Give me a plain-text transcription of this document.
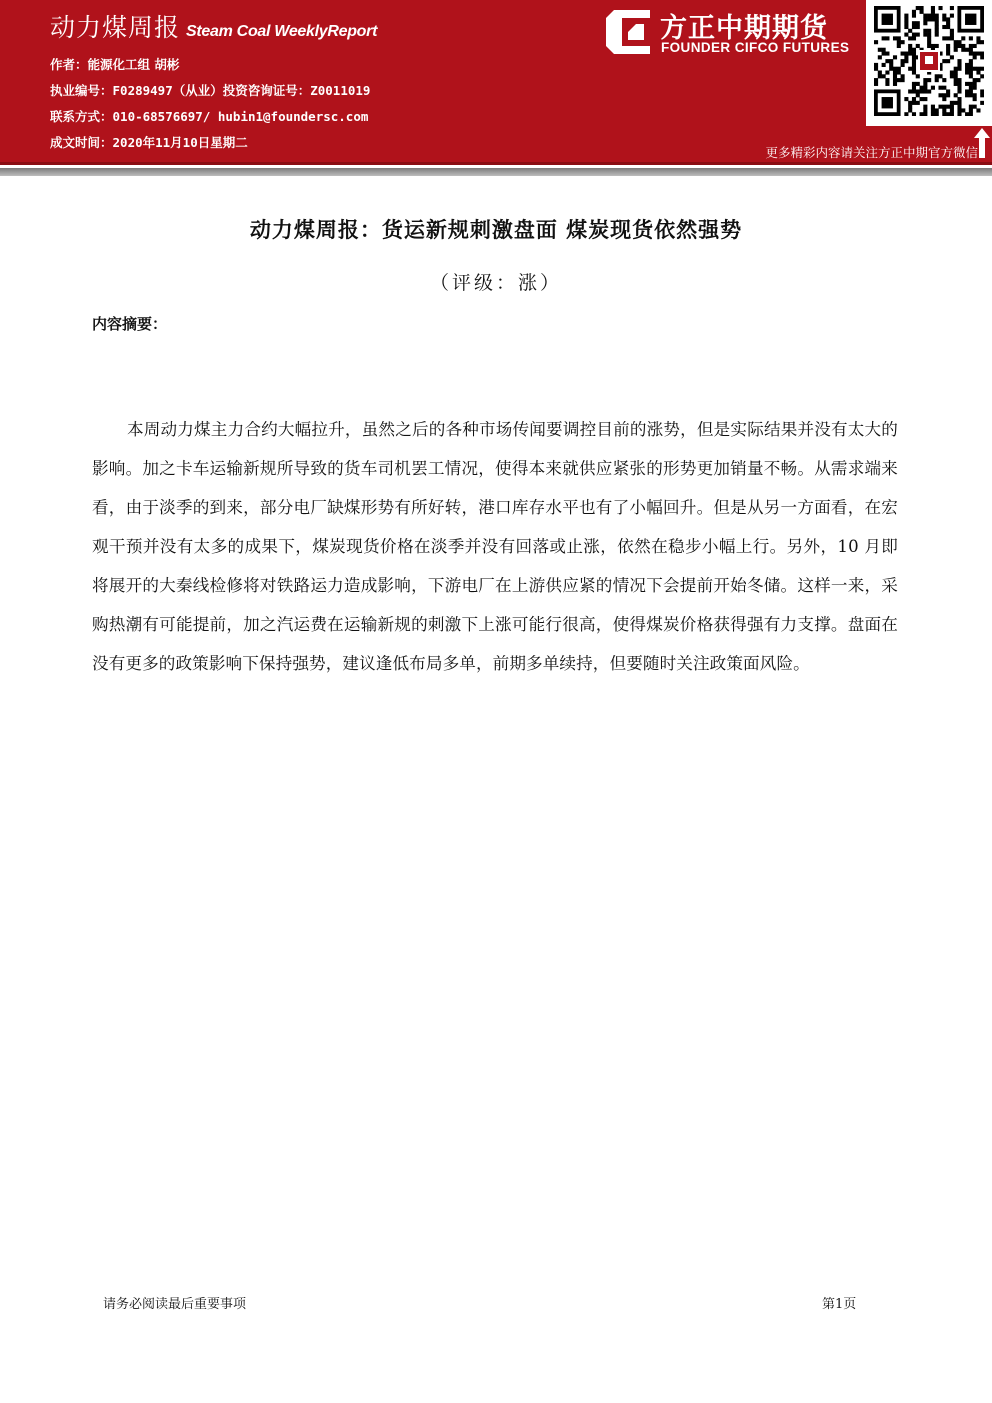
动力煤周报 Steam Coal WeeklyReport
作者：能源化工组 胡彬
执业编号：F0289497（从业）投资咨询证号：Z0011019
联系方式：010-68576697/ hubin1@foundersc.com
成文时间：2020年11月10日星期二
方正中期期货
FOUNDER CIFCO FUTURES
更多精彩内容请关注方正中期官方微信
动力煤周报：货运新规刺激盘面 煤炭现货依然强势
（评级：涨）
内容摘要：

本周动力煤主力合约大幅拉升，虽然之后的各种市场传闻要调控目前的涨势，但是实际结果并没有太大的影响。加之卡车运输新规所导致的货车司机罢工情况，使得本来就供应紧张的形势更加销量不畅。从需求端来看，由于淡季的到来，部分电厂缺煤形势有所好转，港口库存水平也有了小幅回升。但是从另一方面看，在宏观干预并没有太多的成果下，煤炭现货价格在淡季并没有回落或止涨，依然在稳步小幅上行。另外，10 月即将展开的大秦线检修将对铁路运力造成影响，下游电厂在上游供应紧的情况下会提前开始冬储。这样一来，采购热潮有可能提前，加之汽运费在运输新规的刺激下上涨可能行很高，使得煤炭价格获得强有力支撑。盘面在没有更多的政策影响下保持强势，建议逢低布局多单，前期多单续持，但要随时关注政策面风险。

请务必阅读最后重要事项	第1页
